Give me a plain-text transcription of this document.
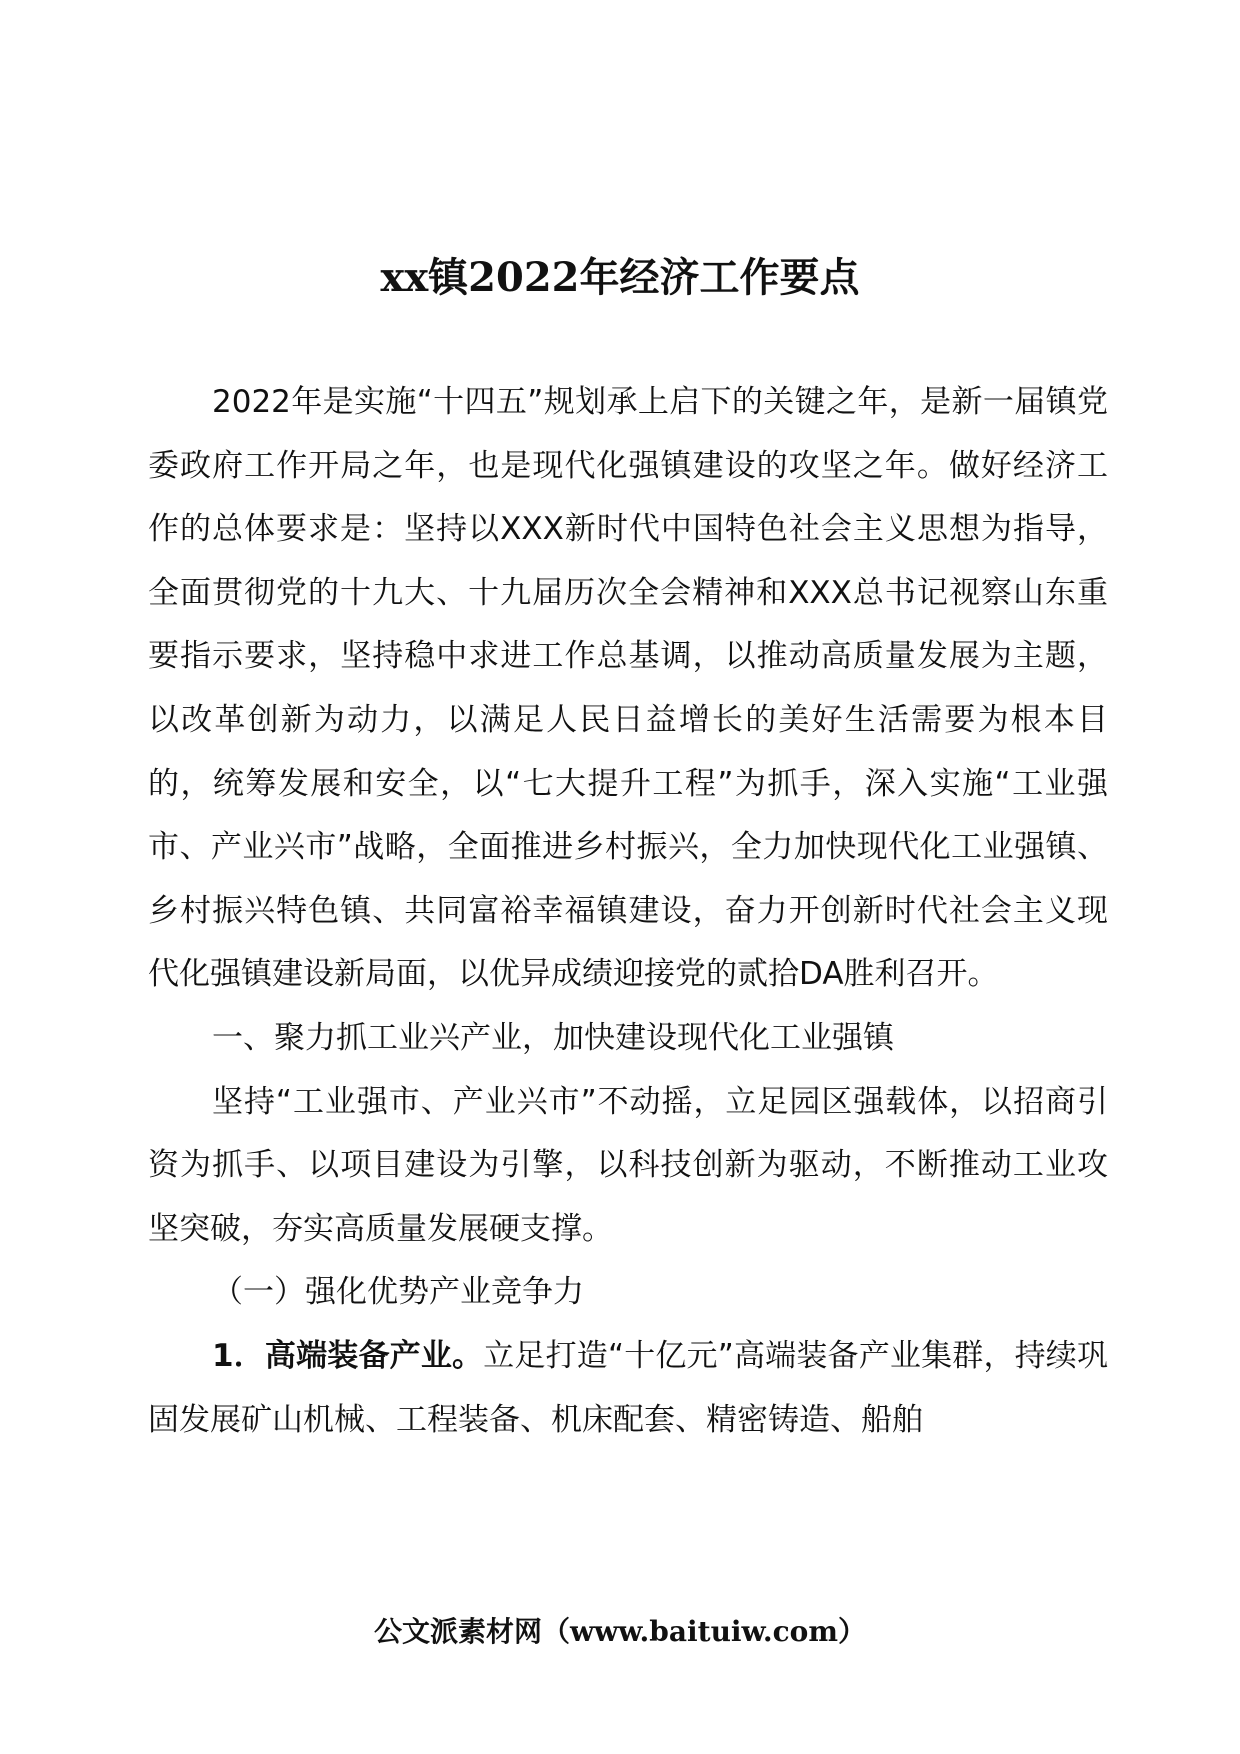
xx镇2022年经济工作要点

2022年是实施“十四五”规划承上启下的关键之年，是新一届镇党委政府工作开局之年，也是现代化强镇建设的攻坚之年。做好经济工作的总体要求是：坚持以XXX新时代中国特色社会主义思想为指导，全面贯彻党的十九大、十九届历次全会精神和XXX总书记视察山东重要指示要求，坚持稳中求进工作总基调，以推动高质量发展为主题，以改革创新为动力，以满足人民日益增长的美好生活需要为根本目的，统筹发展和安全，以“七大提升工程”为抓手，深入实施“工业强市、产业兴市”战略，全面推进乡村振兴，全力加快现代化工业强镇、乡村振兴特色镇、共同富裕幸福镇建设，奋力开创新时代社会主义现代化强镇建设新局面，以优异成绩迎接党的贰拾DA胜利召开。

一、聚力抓工业兴产业，加快建设现代化工业强镇

坚持“工业强市、产业兴市”不动摇，立足园区强载体，以招商引资为抓手、以项目建设为引擎，以科技创新为驱动，不断推动工业攻坚突破，夯实高质量发展硬支撑。

（一）强化优势产业竞争力

1．高端装备产业。立足打造“十亿元”高端装备产业集群，持续巩固发展矿山机械、工程装备、机床配套、精密铸造、船舶

公文派素材网（www.baituiw.com）
